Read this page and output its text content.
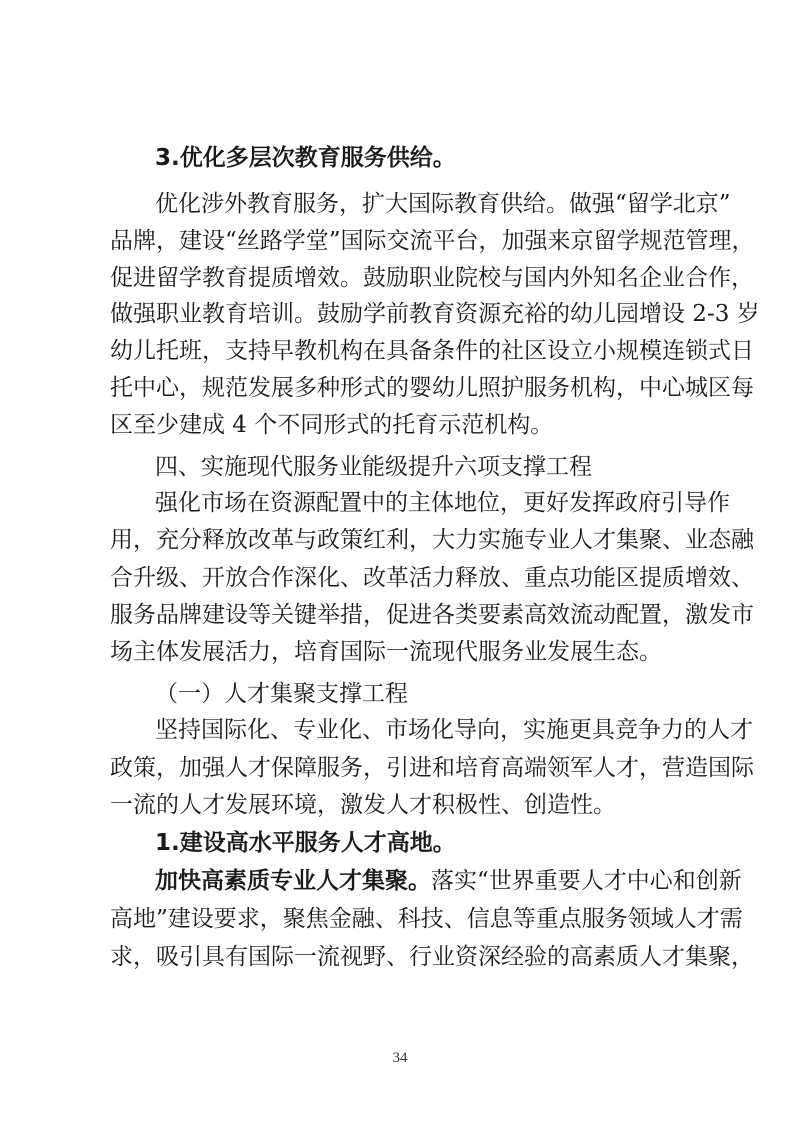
3.优化多层次教育服务供给。
优化涉外教育服务，扩大国际教育供给。做强“留学北京”
品牌，建设“丝路学堂”国际交流平台，加强来京留学规范管理，
促进留学教育提质增效。鼓励职业院校与国内外知名企业合作，
做强职业教育培训。鼓励学前教育资源充裕的幼儿园增设 2-3 岁
幼儿托班，支持早教机构在具备条件的社区设立小规模连锁式日
托中心，规范发展多种形式的婴幼儿照护服务机构，中心城区每
区至少建成 4 个不同形式的托育示范机构。
四、实施现代服务业能级提升六项支撑工程
强化市场在资源配置中的主体地位，更好发挥政府引导作
用，充分释放改革与政策红利，大力实施专业人才集聚、业态融
合升级、开放合作深化、改革活力释放、重点功能区提质增效、
服务品牌建设等关键举措，促进各类要素高效流动配置，激发市
场主体发展活力，培育国际一流现代服务业发展生态。
（一）人才集聚支撑工程
坚持国际化、专业化、市场化导向，实施更具竞争力的人才
政策，加强人才保障服务，引进和培育高端领军人才，营造国际
一流的人才发展环境，激发人才积极性、创造性。
1.建设高水平服务人才高地。
加快高素质专业人才集聚。落实“世界重要人才中心和创新
高地”建设要求，聚焦金融、科技、信息等重点服务领域人才需
求，吸引具有国际一流视野、行业资深经验的高素质人才集聚，
34
